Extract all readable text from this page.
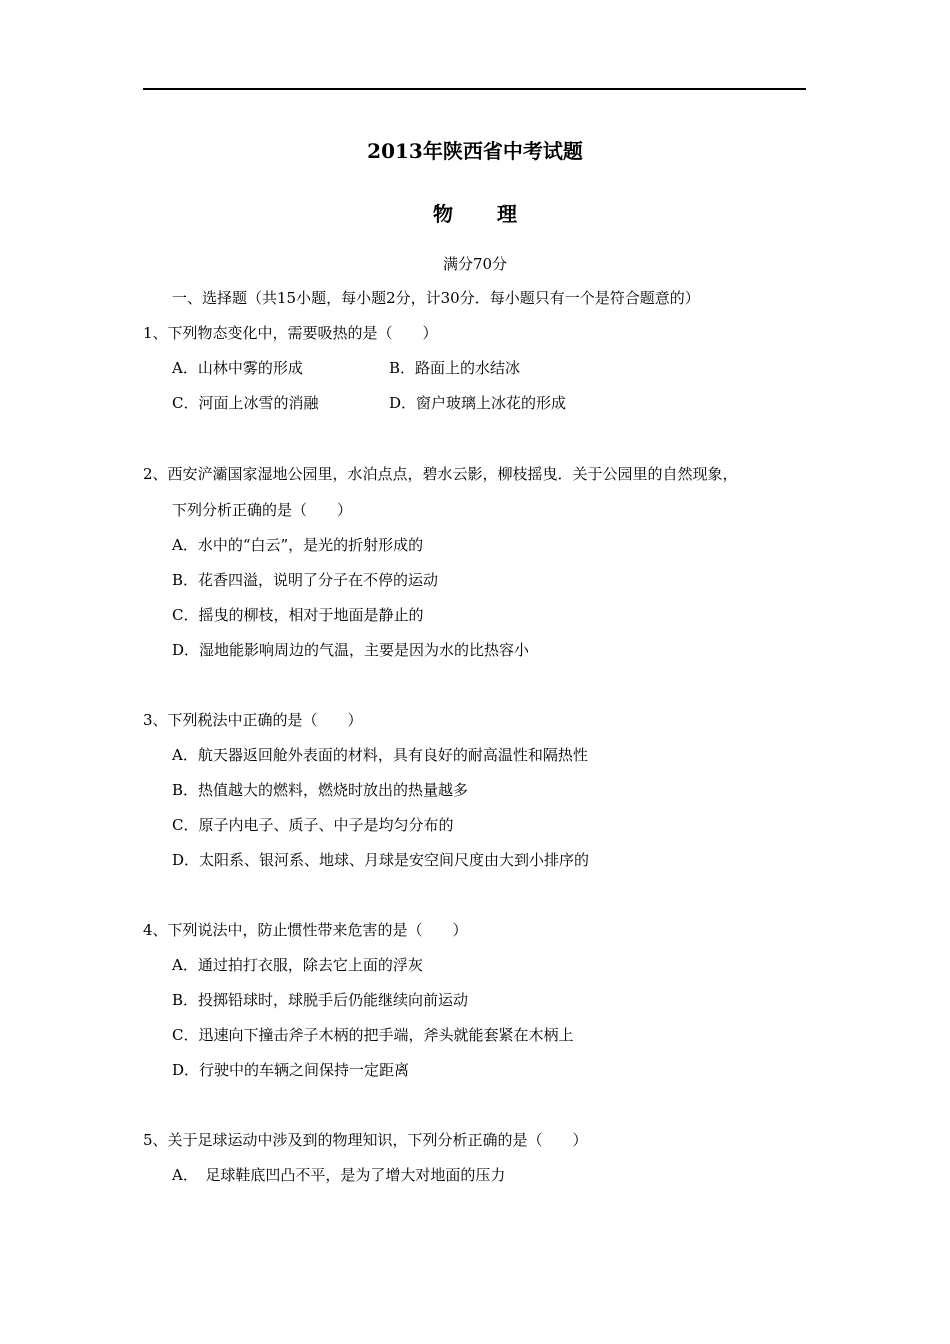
2013年陕西省中考试题
物 理
满分70分
一、选择题（共15小题，每小题2分，计30分．每小题只有一个是符合题意的）
1、下列物态变化中，需要吸热的是（　　）
A．山林中雾的形成	B．路面上的水结冰
C．河面上冰雪的消融	D．窗户玻璃上冰花的形成
2、西安浐灞国家湿地公园里，水泊点点，碧水云影，柳枝摇曳．关于公园里的自然现象，
下列分析正确的是（　　）
A．水中的“白云”，是光的折射形成的
B．花香四溢，说明了分子在不停的运动
C．摇曳的柳枝，相对于地面是静止的
D．湿地能影响周边的气温，主要是因为水的比热容小
3、下列税法中正确的是（　　）
A．航天器返回舱外表面的材料，具有良好的耐高温性和隔热性
B．热值越大的燃料，燃烧时放出的热量越多
C．原子内电子、质子、中子是均匀分布的
D．太阳系、银河系、地球、月球是安空间尺度由大到小排序的
4、下列说法中，防止惯性带来危害的是（　　）
A．通过拍打衣服，除去它上面的浮灰
B．投掷铅球时，球脱手后仍能继续向前运动
C．迅速向下撞击斧子木柄的把手端，斧头就能套紧在木柄上
D．行驶中的车辆之间保持一定距离
5、关于足球运动中涉及到的物理知识，下列分析正确的是（　　）
A．　足球鞋底凹凸不平，是为了增大对地面的压力
